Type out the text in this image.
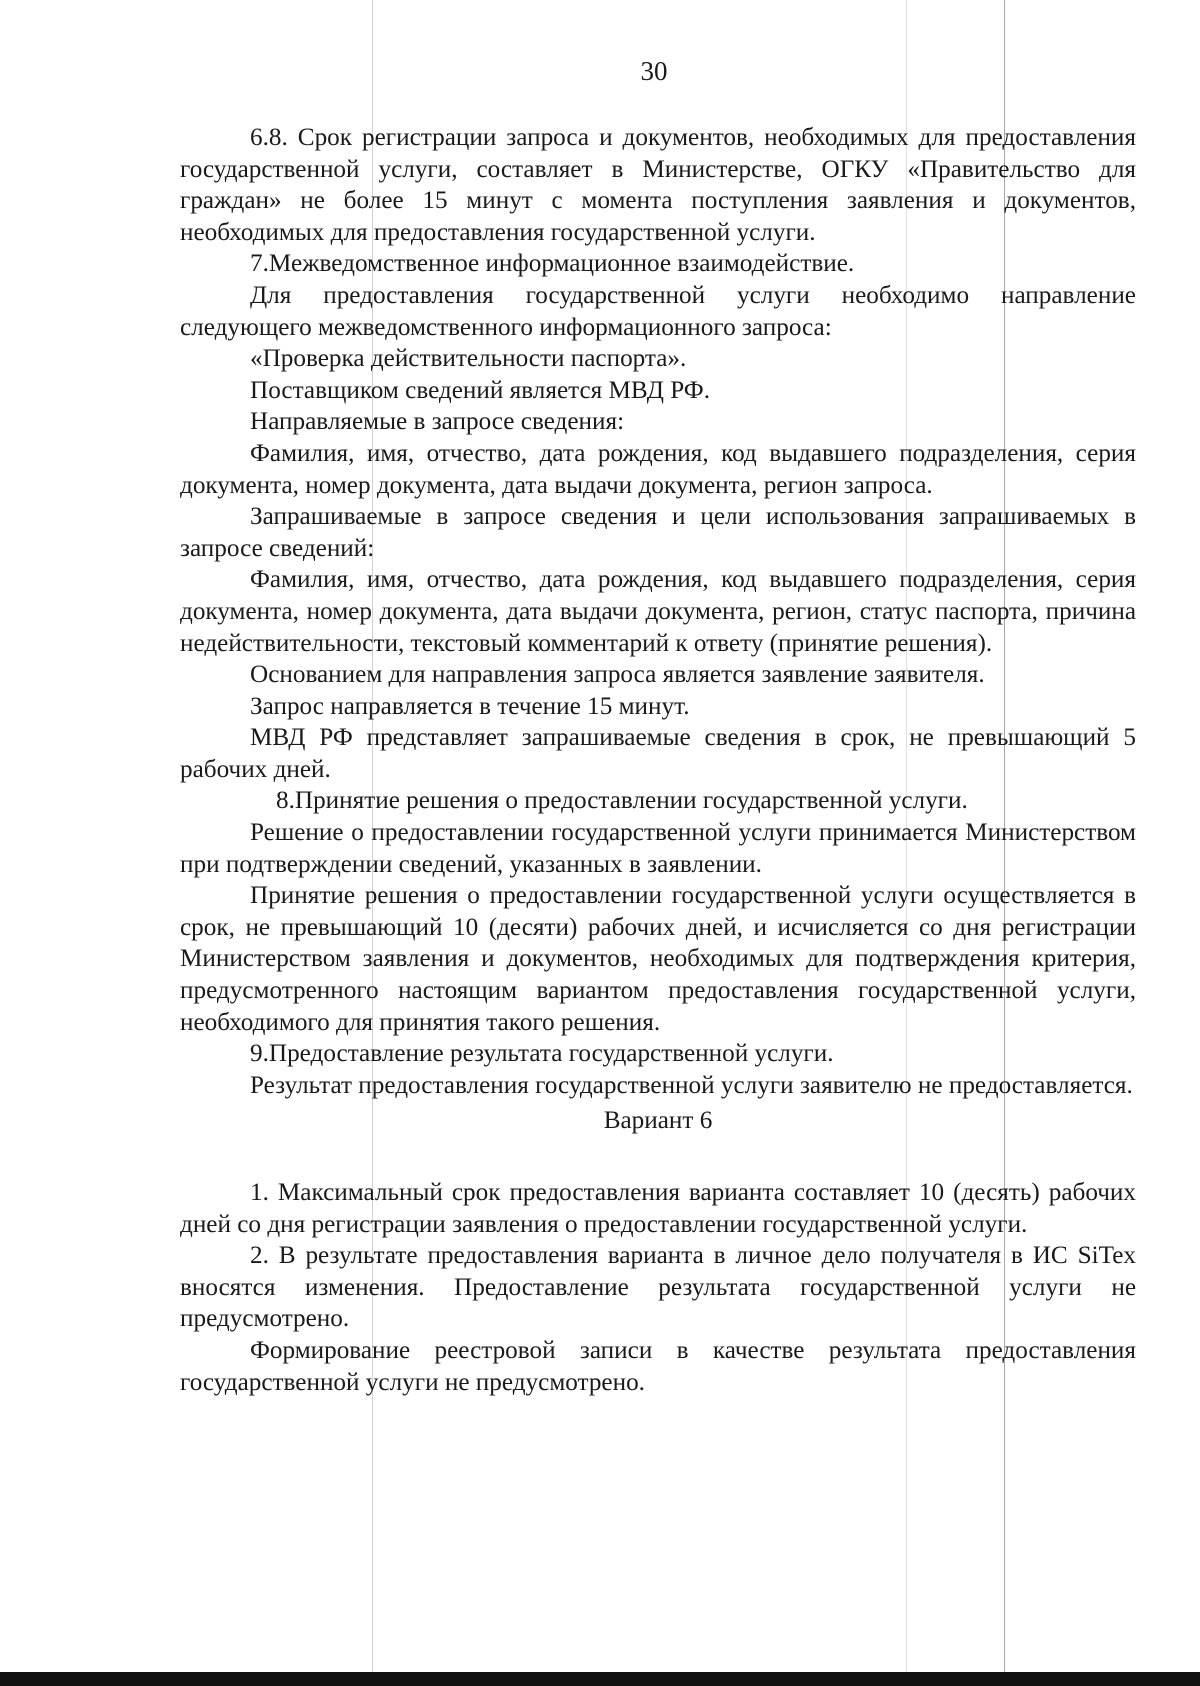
30

6.8. Срок регистрации запроса и документов, необходимых для предоставления государственной услуги, составляет в Министерстве, ОГКУ «Правительство для граждан» не более 15 минут с момента поступления заявления и документов, необходимых для предоставления государственной услуги.

7.Межведомственное информационное взаимодействие.

Для предоставления государственной услуги необходимо направление следующего межведомственного информационного запроса:

«Проверка действительности паспорта».

Поставщиком сведений является МВД РФ.

Направляемые в запросе сведения:

Фамилия, имя, отчество, дата рождения, код выдавшего подразделения, серия документа, номер документа, дата выдачи документа, регион запроса.

Запрашиваемые в запросе сведения и цели использования запрашиваемых в запросе сведений:

Фамилия, имя, отчество, дата рождения, код выдавшего подразделения, серия документа, номер документа, дата выдачи документа, регион, статус паспорта, причина недействительности, текстовый комментарий к ответу (принятие решения).

Основанием для направления запроса является заявление заявителя.

Запрос направляется в течение 15 минут.

МВД РФ представляет запрашиваемые сведения в срок, не превышающий 5 рабочих дней.

8.Принятие решения о предоставлении государственной услуги.

Решение о предоставлении государственной услуги принимается Министерством при подтверждении сведений, указанных в заявлении.

Принятие решения о предоставлении государственной услуги осуществляется в срок, не превышающий 10 (десяти) рабочих дней, и исчисляется со дня регистрации Министерством заявления и документов, необходимых для подтверждения критерия, предусмотренного настоящим вариантом предоставления государственной услуги, необходимого для принятия такого решения.

9.Предоставление результата государственной услуги.

Результат предоставления государственной услуги заявителю не предоставляется.

Вариант 6

1. Максимальный срок предоставления варианта составляет 10 (десять) рабочих дней со дня регистрации заявления о предоставлении государственной услуги.

2. В результате предоставления варианта в личное дело получателя в ИС SiTex вносятся изменения. Предоставление результата государственной услуги не предусмотрено.

Формирование реестровой записи в качестве результата предоставления государственной услуги не предусмотрено.
